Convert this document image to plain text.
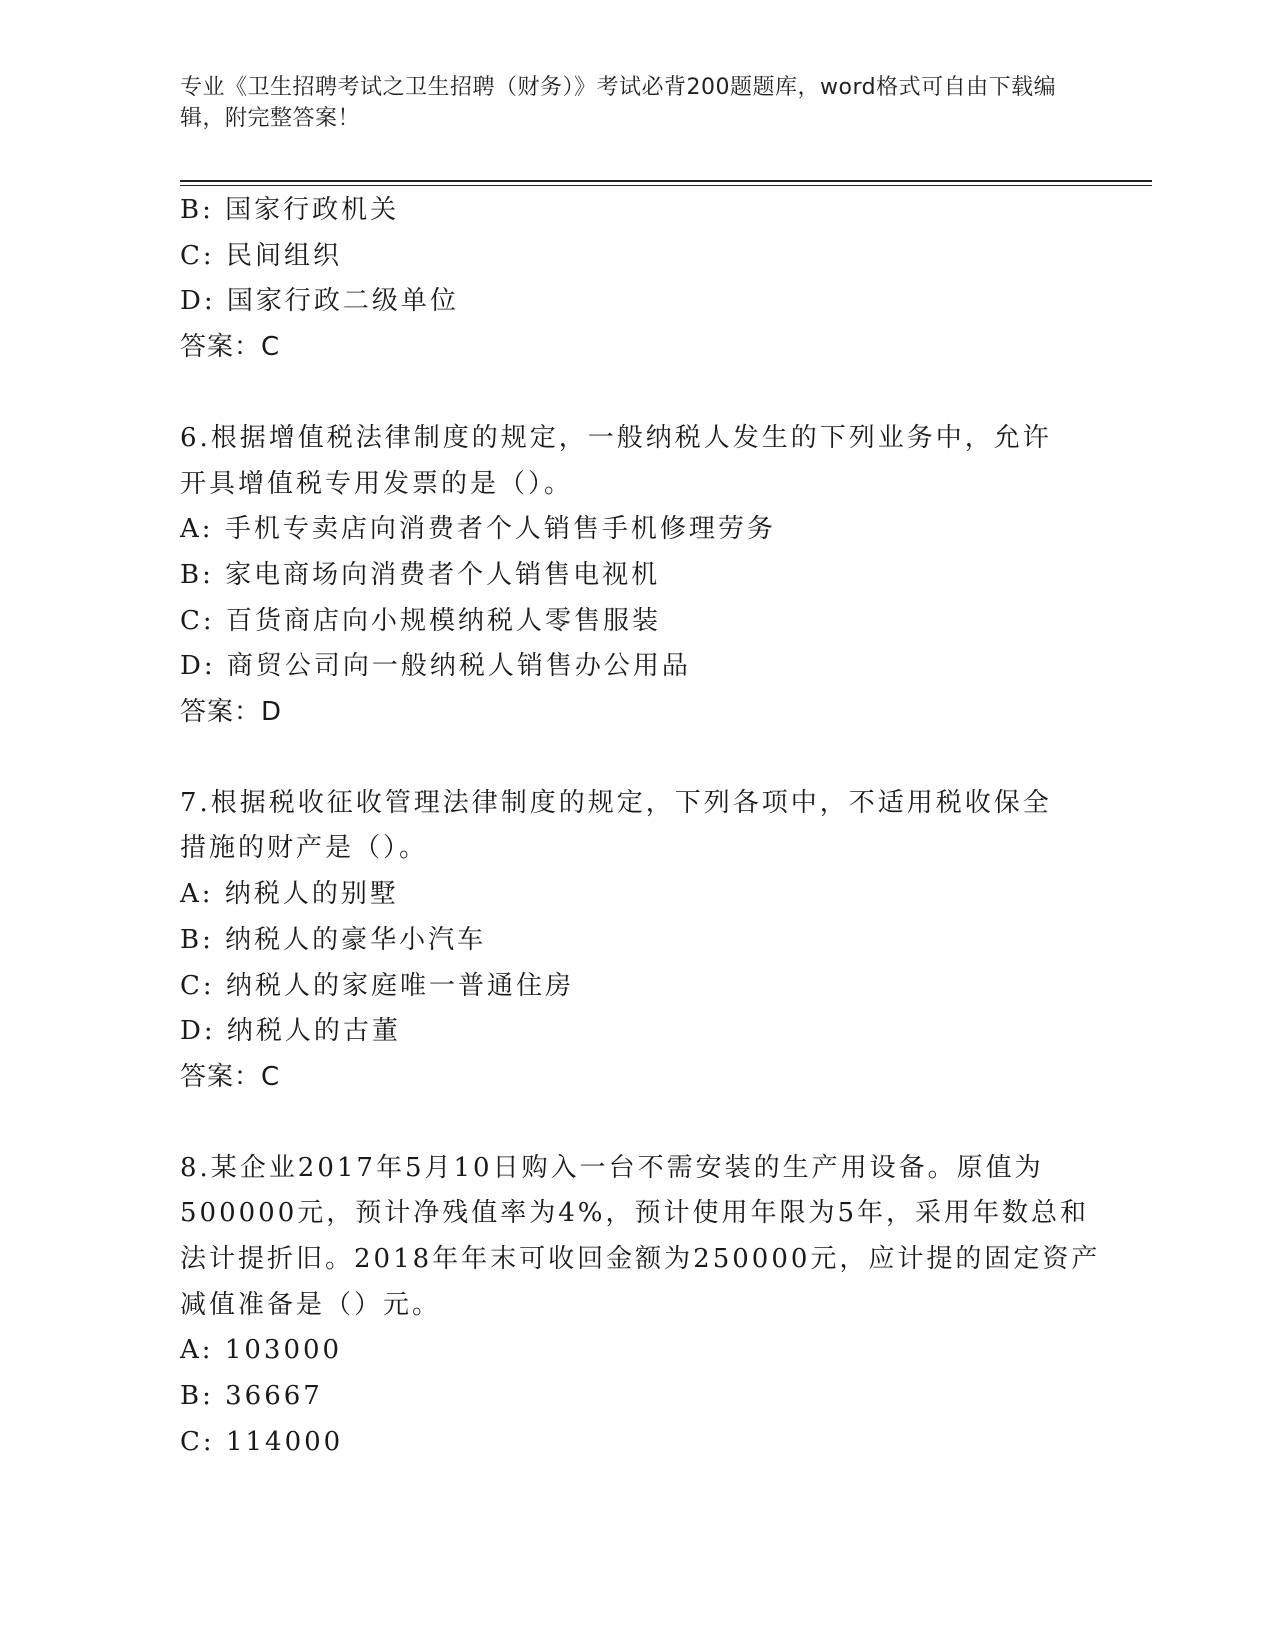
专业《卫生招聘考试之卫生招聘（财务）》考试必背200题题库，word格式可自由下载编辑，附完整答案！
B: 国家行政机关
C: 民间组织
D: 国家行政二级单位
答案：C
6.根据增值税法律制度的规定，一般纳税人发生的下列业务中，允许
开具增值税专用发票的是（）。
A: 手机专卖店向消费者个人销售手机修理劳务
B: 家电商场向消费者个人销售电视机
C: 百货商店向小规模纳税人零售服装
D: 商贸公司向一般纳税人销售办公用品
答案：D
7.根据税收征收管理法律制度的规定，下列各项中，不适用税收保全
措施的财产是（）。
A: 纳税人的别墅
B: 纳税人的豪华小汽车
C: 纳税人的家庭唯一普通住房
D: 纳税人的古董
答案：C
8.某企业2017年5月10日购入一台不需安装的生产用设备。原值为
500000元，预计净残值率为4%，预计使用年限为5年，采用年数总和
法计提折旧。2018年年末可收回金额为250000元，应计提的固定资产
减值准备是（）元。
A: 103000
B: 36667
C: 114000
